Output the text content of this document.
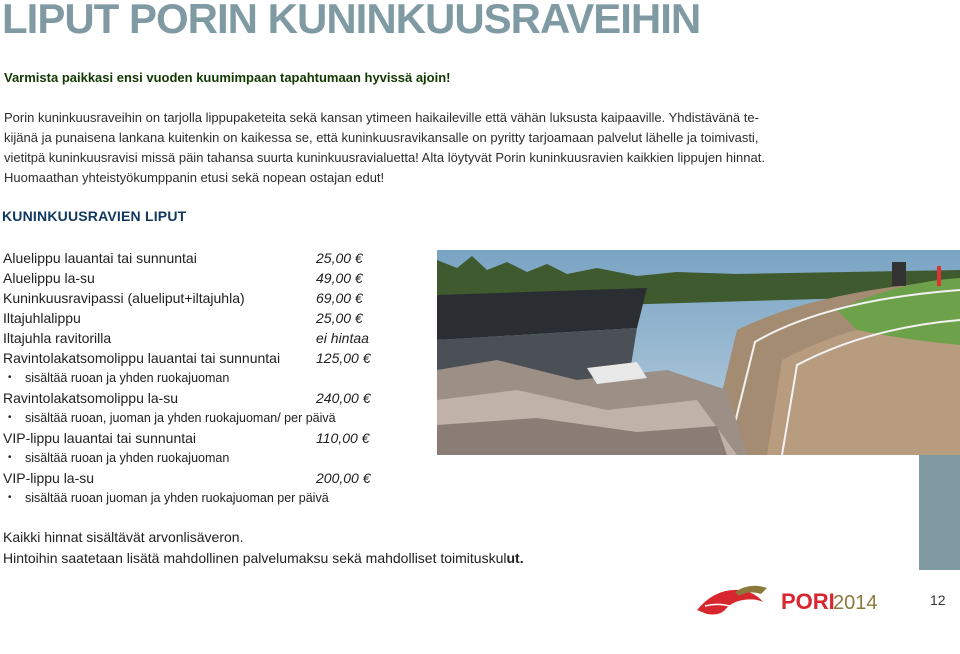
LIPUT PORIN KUNINKUUSRAVEIHIN
Varmista paikkasi ensi vuoden kuumimpaan tapahtumaan hyvissä ajoin!
Porin kuninkuusraveihin on tarjolla lippupaketeita sekä kansan ytimeen haikaileville että vähän luksusta kaipaaville. Yhdistävänä te-
kijänä ja punaisena lankana kuitenkin on kaikessa se, että kuninkuusravikansalle on pyritty tarjoamaan palvelut lähelle ja toimivasti,
vietitpä kuninkuusravisi missä päin tahansa suurta kuninkuusravialuetta! Alta löytyvät Porin kuninkuusravien kaikkien lippujen hinnat.
Huomaathan yhteistyökumppanin etusi sekä nopean ostajan edut!
KUNINKUUSRAVIEN LIPUT
Aluelippu lauantai tai sunnuntai	25,00 €
Aluelippu la-su	49,00 €
Kuninkuusravipassi (alueliput+iltajuhla)	69,00 €
Iltajuhlalippu	25,00 €
Iltajuhla ravitorilla	ei hintaa
Ravintolakatsomolippu lauantai tai sunnuntai	125,00 €
• sisältää ruoan ja yhden ruokajuoman
Ravintolakatsomolippu la-su	240,00 €
• sisältää ruoan, juoman ja yhden ruokajuoman/ per päivä
VIP-lippu lauantai tai sunnuntai	110,00 €
• sisältää ruoan ja yhden ruokajuoman
VIP-lippu la-su	200,00 €
• sisältää ruoan juoman ja yhden ruokajuoman per päivä
Kaikki hinnat sisältävät arvonlisäveron.
Hintoihin saatetaan lisätä mahdollinen palvelumaksu sekä mahdolliset toimituskulut.
PORI
2014	12
